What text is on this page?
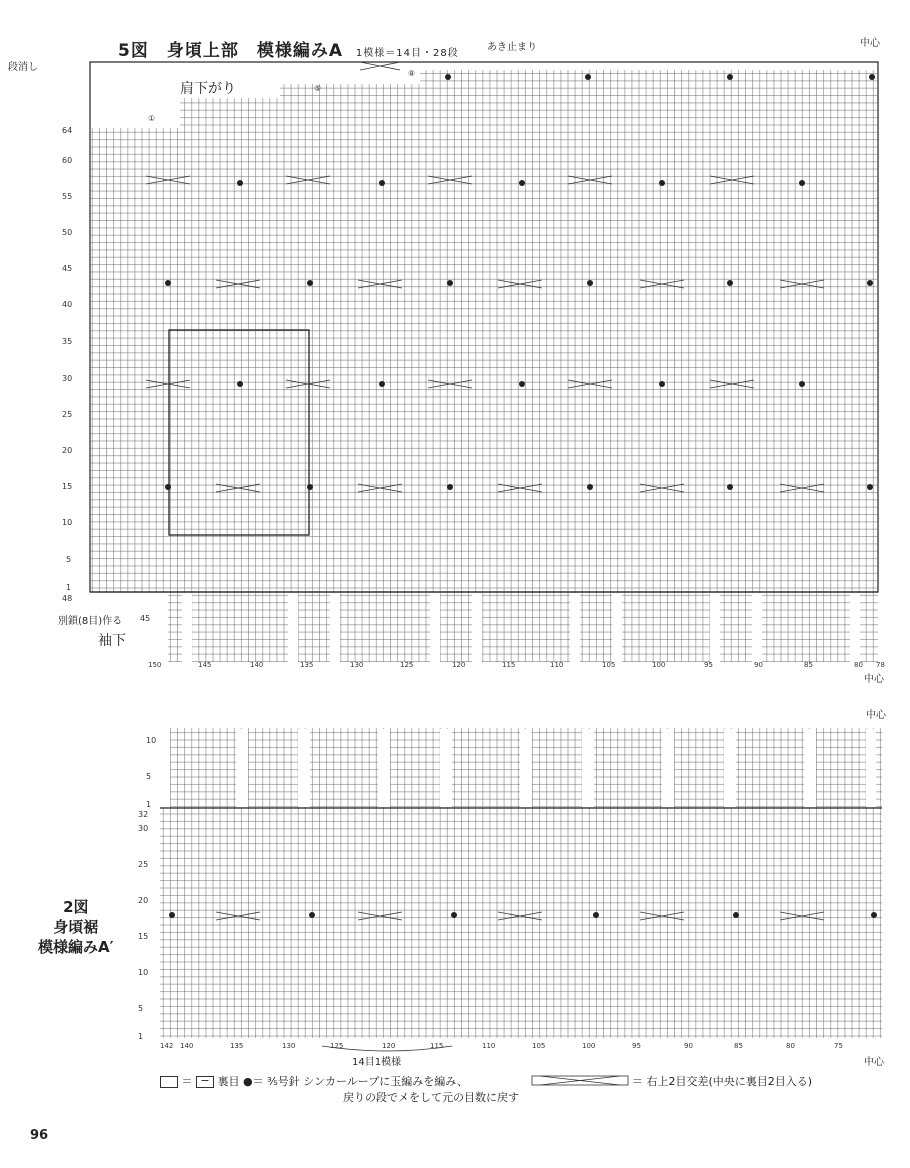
5図　身頃上部　模様編みA 1模様＝14目・28段
あき止まり	中心
中心
段消し
肩下がり
別鎖(8目)作る
袖下
①
⑤
⑧
64
60
55
50
45
40
35
30
25
20
15
10
5
1
48
45
150	145	140	135	130	125	120	115	110	105	100	95	90	85	80 78
中心
中心
2図
身頃裾
模様編みA′
14目1模様
10
5
1
32
30
25
20
15
10
5
1
142 140	135	130	125	120	115	110	105	100	95	90	85	80	75
＝ − 裏目 ●＝ ⅗号針 シンカーループに玉編みを編み、
戻りの段でメをして元の目数に戻す
＝ 右上2目交差(中央に裏目2目入る)
96
